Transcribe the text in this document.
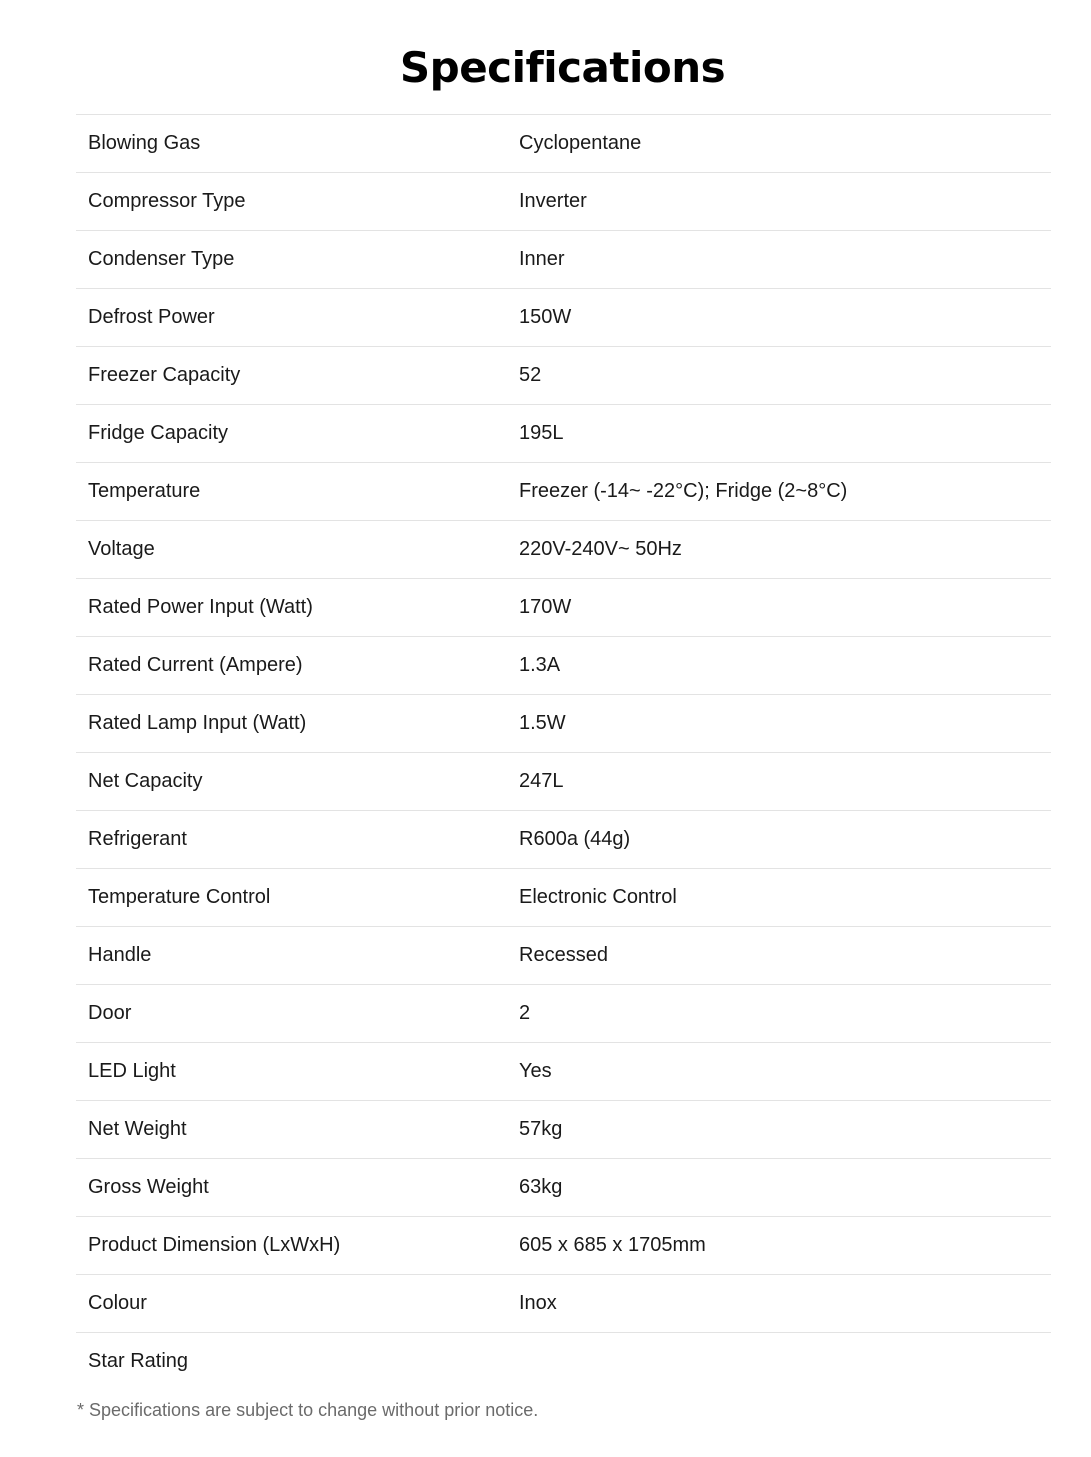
Specifications
Blowing Gas	Cyclopentane
Compressor Type	Inverter
Condenser Type	Inner
Defrost Power	150W
Freezer Capacity	52
Fridge Capacity	195L
Temperature	Freezer (-14~ -22°C); Fridge (2~8°C)
Voltage	220V-240V~ 50Hz
Rated Power Input (Watt)	170W
Rated Current (Ampere)	1.3A
Rated Lamp Input (Watt)	1.5W
Net Capacity	247L
Refrigerant	R600a (44g)
Temperature Control	Electronic Control
Handle	Recessed
Door	2
LED Light	Yes
Net Weight	57kg
Gross Weight	63kg
Product Dimension (LxWxH)	605 x 685 x 1705mm
Colour	Inox
Star Rating	
* Specifications are subject to change without prior notice.
